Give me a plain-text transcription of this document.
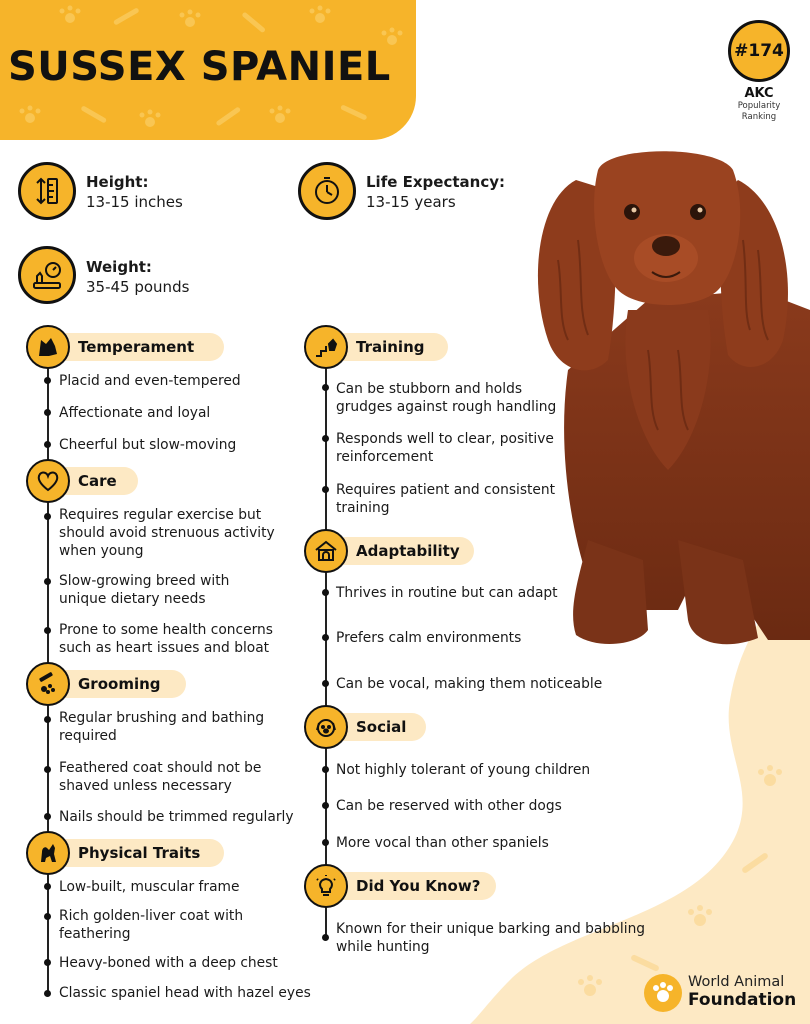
SUSSEX SPANIEL	#174
AKC
Popularity
Ranking
Height:
13-15 inches
Life Expectancy:
13-15 years
Weight:
35-45 pounds
Temperament
Placid and even-tempered
Affectionate and loyal
Cheerful but slow-moving
Care
Requires regular exercise but
should avoid strenuous activity
when young
Slow-growing breed with
unique dietary needs
Prone to some health concerns
such as heart issues and bloat
Grooming
Regular brushing and bathing
required
Feathered coat should not be
shaved unless necessary
Nails should be trimmed regularly
Physical Traits
Low-built, muscular frame
Rich golden-liver coat with
feathering
Heavy-boned with a deep chest
Classic spaniel head with hazel eyes
Training
Can be stubborn and holds
grudges against rough handling
Responds well to clear, positive
reinforcement
Requires patient and consistent
training
Adaptability
Thrives in routine but can adapt
Prefers calm environments
Can be vocal, making them noticeable
Social
Not highly tolerant of young children
Can be reserved with other dogs
More vocal than other spaniels
Did You Know?
Known for their unique barking and babbling
while hunting
World Animal
Foundation
